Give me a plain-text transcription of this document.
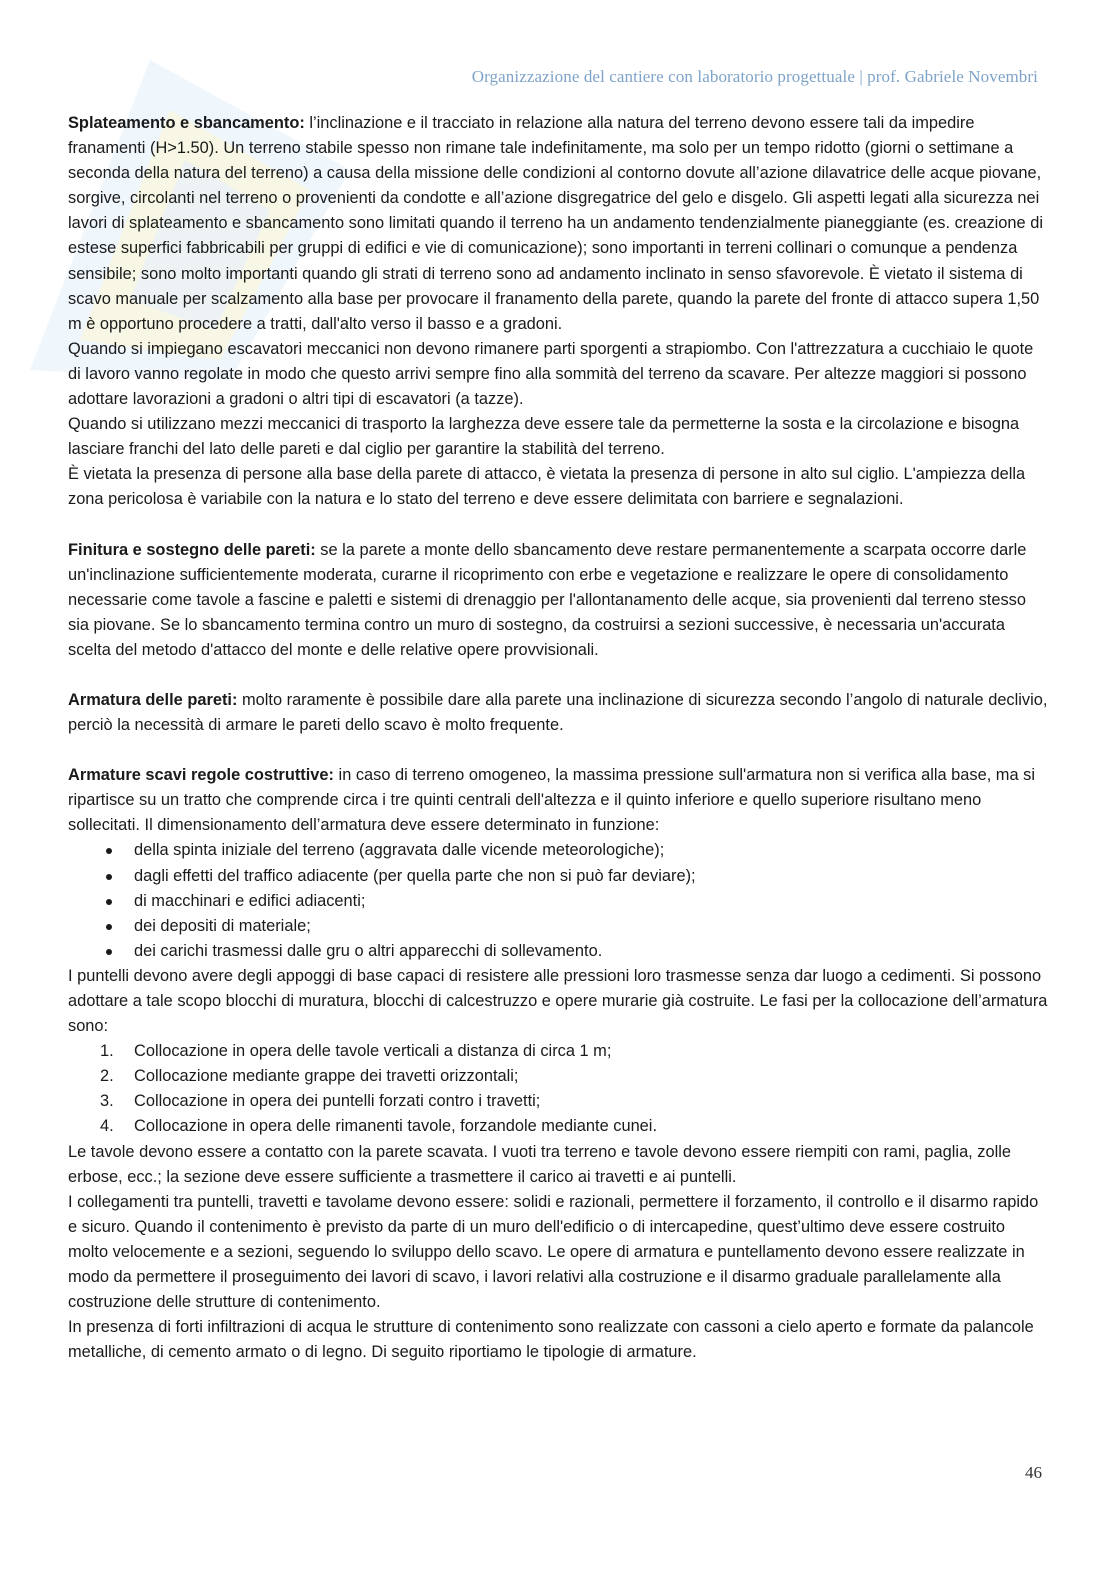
Organizzazione del cantiere con laboratorio progettuale | prof. Gabriele Novembri

Splateamento e sbancamento: l’inclinazione e il tracciato in relazione alla natura del terreno devono essere tali da impedire franamenti (H>1.50). Un terreno stabile spesso non rimane tale indefinitamente, ma solo per un tempo ridotto (giorni o settimane a seconda della natura del terreno) a causa della missione delle condizioni al contorno dovute all’azione dilavatrice delle acque piovane, sorgive, circolanti nel terreno o provenienti da condotte e all’azione disgregatrice del gelo e disgelo. Gli aspetti legati alla sicurezza nei lavori di splateamento e sbancamento sono limitati quando il terreno ha un andamento tendenzialmente pianeggiante (es. creazione di estese superfici fabbricabili per gruppi di edifici e vie di comunicazione); sono importanti in terreni collinari o comunque a pendenza sensibile; sono molto importanti quando gli strati di terreno sono ad andamento inclinato in senso sfavorevole. È vietato il sistema di scavo manuale per scalzamento alla base per provocare il franamento della parete, quando la parete del fronte di attacco supera 1,50 m è opportuno procedere a tratti, dall'alto verso il basso e a gradoni.

Quando si impiegano escavatori meccanici non devono rimanere parti sporgenti a strapiombo. Con l'attrezzatura a cucchiaio le quote di lavoro vanno regolate in modo che questo arrivi sempre fino alla sommità del terreno da scavare. Per altezze maggiori si possono adottare lavorazioni a gradoni o altri tipi di escavatori (a tazze).

Quando si utilizzano mezzi meccanici di trasporto la larghezza deve essere tale da permetterne la sosta e la circolazione e bisogna lasciare franchi del lato delle pareti e dal ciglio per garantire la stabilità del terreno.

È vietata la presenza di persone alla base della parete di attacco, è vietata la presenza di persone in alto sul ciglio. L'ampiezza della zona pericolosa è variabile con la natura e lo stato del terreno e deve essere delimitata con barriere e segnalazioni.

Finitura e sostegno delle pareti: se la parete a monte dello sbancamento deve restare permanentemente a scarpata occorre darle un'inclinazione sufficientemente moderata, curarne il ricoprimento con erbe e vegetazione e realizzare le opere di consolidamento necessarie come tavole a fascine e paletti e sistemi di drenaggio per l'allontanamento delle acque, sia provenienti dal terreno stesso sia piovane. Se lo sbancamento termina contro un muro di sostegno, da costruirsi a sezioni successive, è necessaria un'accurata scelta del metodo d'attacco del monte e delle relative opere provvisionali.

Armatura delle pareti: molto raramente è possibile dare alla parete una inclinazione di sicurezza secondo l’angolo di naturale declivio, perciò la necessità di armare le pareti dello scavo è molto frequente.

Armature scavi regole costruttive: in caso di terreno omogeneo, la massima pressione sull'armatura non si verifica alla base, ma si ripartisce su un tratto che comprende circa i tre quinti centrali dell'altezza e il quinto inferiore e quello superiore risultano meno sollecitati. Il dimensionamento dell’armatura deve essere determinato in funzione:

della spinta iniziale del terreno (aggravata dalle vicende meteorologiche);
dagli effetti del traffico adiacente (per quella parte che non si può far deviare);
di macchinari e edifici adiacenti;
dei depositi di materiale;
dei carichi trasmessi dalle gru o altri apparecchi di sollevamento.

I puntelli devono avere degli appoggi di base capaci di resistere alle pressioni loro trasmesse senza dar luogo a cedimenti. Si possono adottare a tale scopo blocchi di muratura, blocchi di calcestruzzo e opere murarie già costruite. Le fasi per la collocazione dell’armatura sono:

1. Collocazione in opera delle tavole verticali a distanza di circa 1 m;
2. Collocazione mediante grappe dei travetti orizzontali;
3. Collocazione in opera dei puntelli forzati contro i travetti;
4. Collocazione in opera delle rimanenti tavole, forzandole mediante cunei.

Le tavole devono essere a contatto con la parete scavata. I vuoti tra terreno e tavole devono essere riempiti con rami, paglia, zolle erbose, ecc.; la sezione deve essere sufficiente a trasmettere il carico ai travetti e ai puntelli.

I collegamenti tra puntelli, travetti e tavolame devono essere: solidi e razionali, permettere il forzamento, il controllo e il disarmo rapido e sicuro. Quando il contenimento è previsto da parte di un muro dell'edificio o di intercapedine, quest’ultimo deve essere costruito molto velocemente e a sezioni, seguendo lo sviluppo dello scavo. Le opere di armatura e puntellamento devono essere realizzate in modo da permettere il proseguimento dei lavori di scavo, i lavori relativi alla costruzione e il disarmo graduale parallelamente alla costruzione delle strutture di contenimento.

In presenza di forti infiltrazioni di acqua le strutture di contenimento sono realizzate con cassoni a cielo aperto e formate da palancole metalliche, di cemento armato o di legno. Di seguito riportiamo le tipologie di armature.

46
